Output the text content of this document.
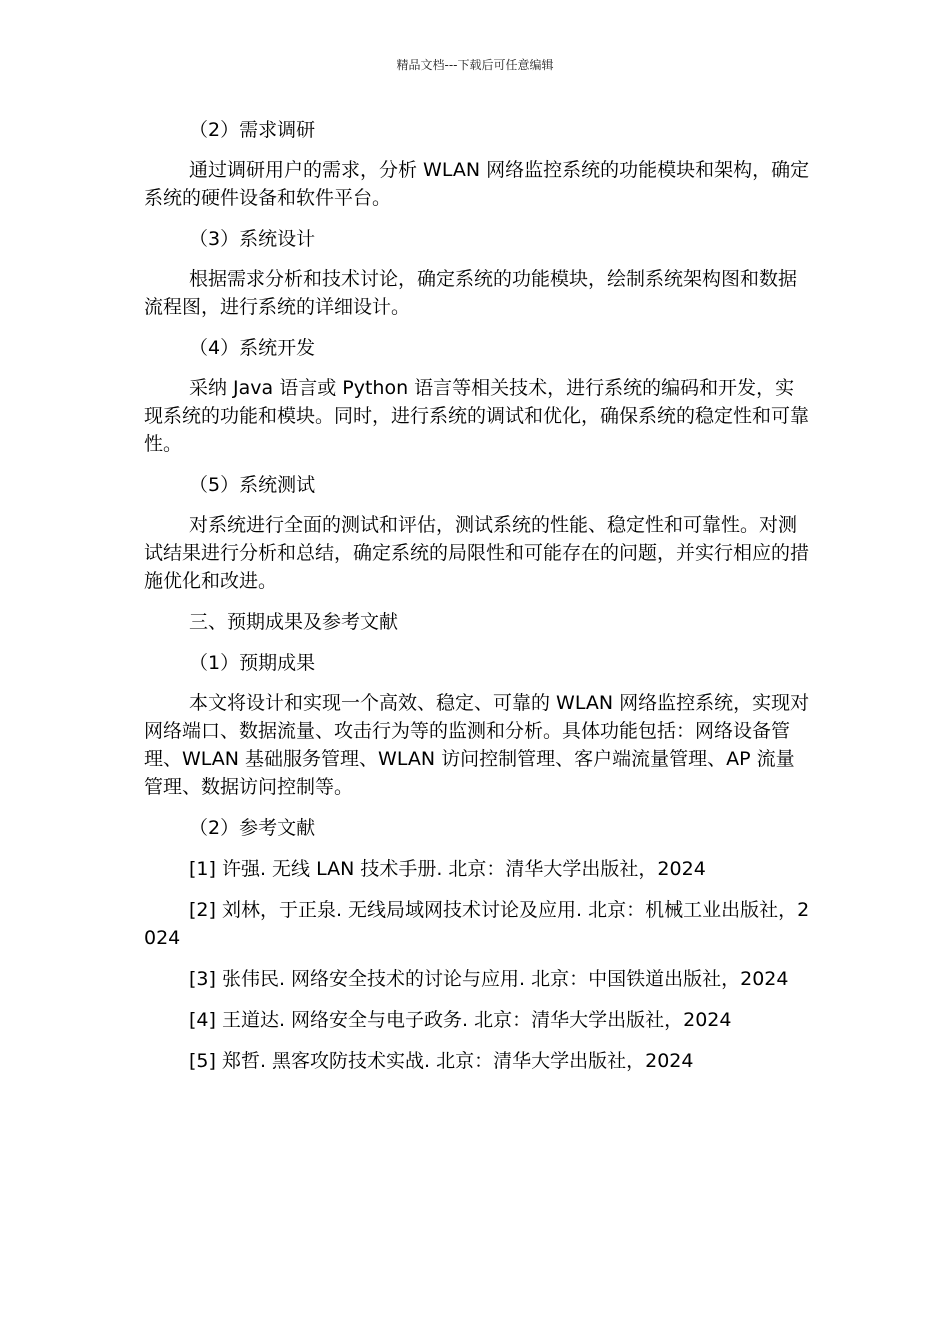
精品文档---下载后可任意编辑

（2）需求调研

通过调研用户的需求，分析 WLAN 网络监控系统的功能模块和架构，确定系统的硬件设备和软件平台。

（3）系统设计

根据需求分析和技术讨论，确定系统的功能模块，绘制系统架构图和数据流程图，进行系统的详细设计。

（4）系统开发

采纳 Java 语言或 Python 语言等相关技术，进行系统的编码和开发，实现系统的功能和模块。同时，进行系统的调试和优化，确保系统的稳定性和可靠性。

（5）系统测试

对系统进行全面的测试和评估，测试系统的性能、稳定性和可靠性。对测试结果进行分析和总结，确定系统的局限性和可能存在的问题，并实行相应的措施优化和改进。

三、预期成果及参考文献

（1）预期成果

本文将设计和实现一个高效、稳定、可靠的 WLAN 网络监控系统，实现对网络端口、数据流量、攻击行为等的监测和分析。具体功能包括：网络设备管理、WLAN 基础服务管理、WLAN 访问控制管理、客户端流量管理、AP 流量管理、数据访问控制等。

（2）参考文献

[1] 许强. 无线 LAN 技术手册. 北京：清华大学出版社，2024

[2] 刘林，于正泉. 无线局域网技术讨论及应用. 北京：机械工业出版社，2024

[3] 张伟民. 网络安全技术的讨论与应用. 北京：中国铁道出版社，2024

[4] 王道达. 网络安全与电子政务. 北京：清华大学出版社，2024

[5] 郑哲. 黑客攻防技术实战. 北京：清华大学出版社，2024
